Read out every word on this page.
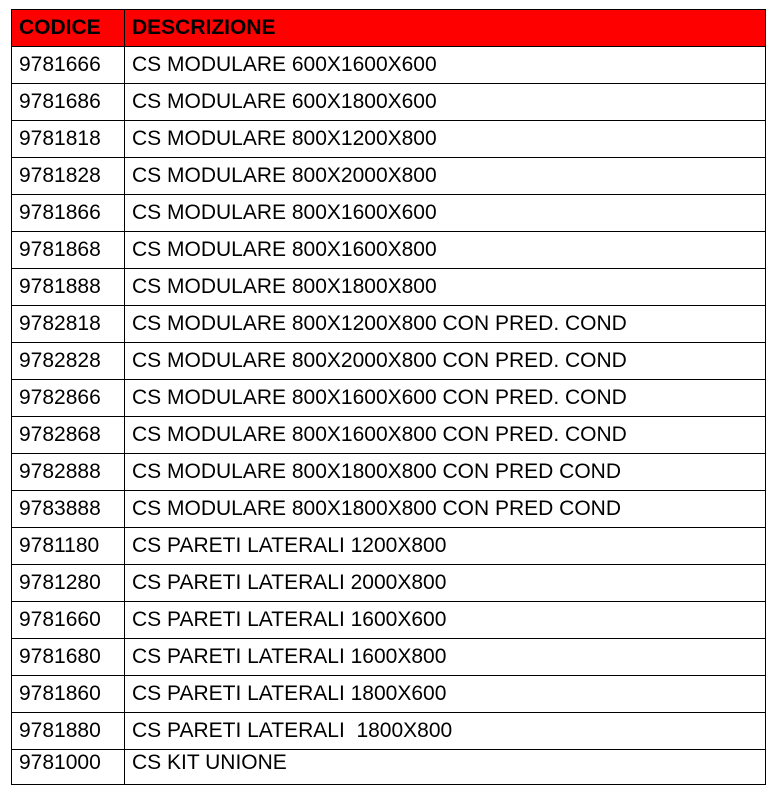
CODICE	DESCRIZIONE
9781666	CS MODULARE 600X1600X600
9781686	CS MODULARE 600X1800X600
9781818	CS MODULARE 800X1200X800
9781828	CS MODULARE 800X2000X800
9781866	CS MODULARE 800X1600X600
9781868	CS MODULARE 800X1600X800
9781888	CS MODULARE 800X1800X800
9782818	CS MODULARE 800X1200X800 CON PRED. COND
9782828	CS MODULARE 800X2000X800 CON PRED. COND
9782866	CS MODULARE 800X1600X600 CON PRED. COND
9782868	CS MODULARE 800X1600X800 CON PRED. COND
9782888	CS MODULARE 800X1800X800 CON PRED COND
9783888	CS MODULARE 800X1800X800 CON PRED COND
9781180	CS PARETI LATERALI 1200X800
9781280	CS PARETI LATERALI 2000X800
9781660	CS PARETI LATERALI 1600X600
9781680	CS PARETI LATERALI 1600X800
9781860	CS PARETI LATERALI 1800X600
9781880	CS PARETI LATERALI  1800X800
9781000	CS KIT UNIONE
